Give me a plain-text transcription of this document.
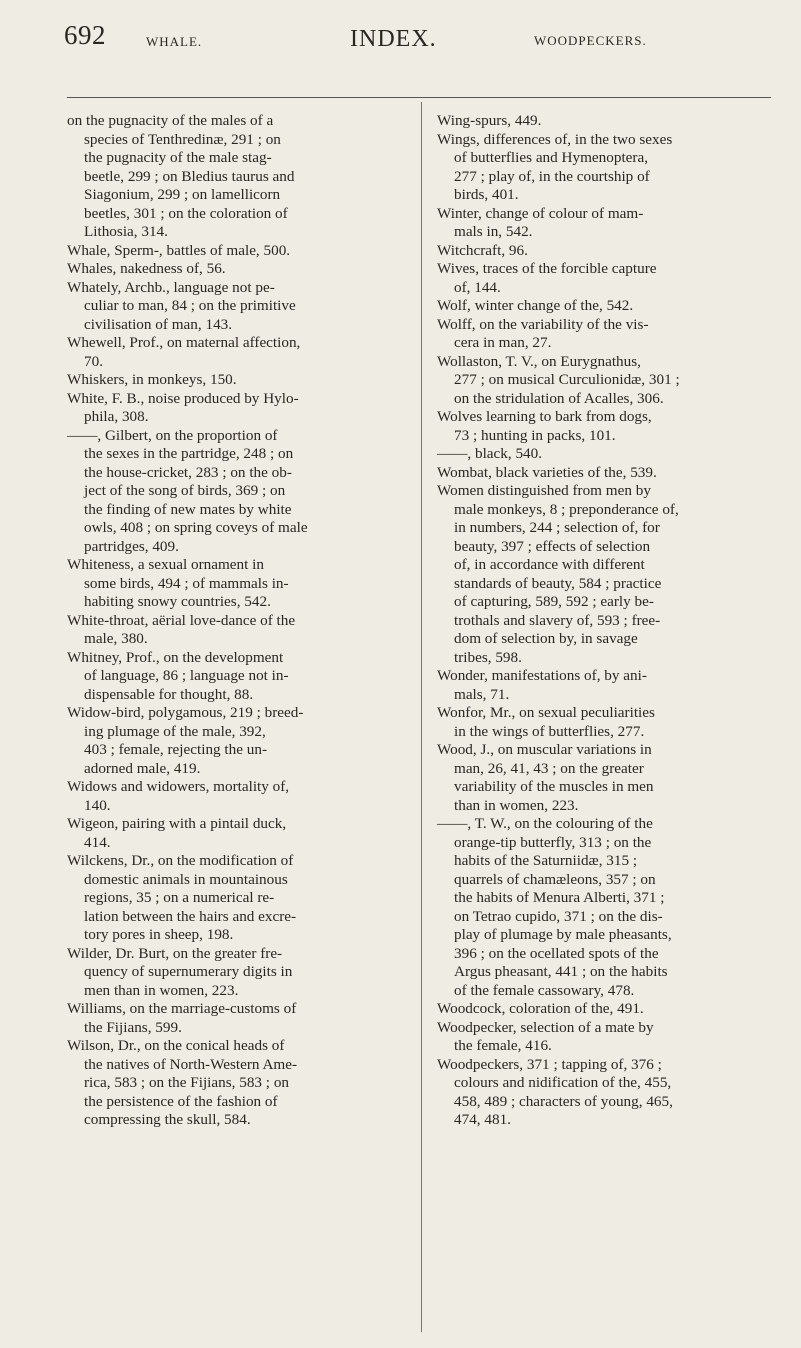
692	WHALE.	INDEX.	WOODPECKERS.

on the pugnacity of the males of a
species of Tenthredinæ, 291 ; on
the pugnacity of the male stag-
beetle, 299 ; on Bledius taurus and
Siagonium, 299 ; on lamellicorn
beetles, 301 ; on the coloration of
Lithosia, 314.

Whale, Sperm-, battles of male, 500.

Whales, nakedness of, 56.

Whately, Archb., language not pe-
culiar to man, 84 ; on the primitive
civilisation of man, 143.

Whewell, Prof., on maternal affection,
70.

Whiskers, in monkeys, 150.

White, F. B., noise produced by Hylo-
phila, 308.

——, Gilbert, on the proportion of
the sexes in the partridge, 248 ; on
the house-cricket, 283 ; on the ob-
ject of the song of birds, 369 ; on
the finding of new mates by white
owls, 408 ; on spring coveys of male
partridges, 409.

Whiteness, a sexual ornament in
some birds, 494 ; of mammals in-
habiting snowy countries, 542.

White-throat, aërial love-dance of the
male, 380.

Whitney, Prof., on the development
of language, 86 ; language not in-
dispensable for thought, 88.

Widow-bird, polygamous, 219 ; breed-
ing plumage of the male, 392,
403 ; female, rejecting the un-
adorned male, 419.

Widows and widowers, mortality of,
140.

Wigeon, pairing with a pintail duck,
414.

Wilckens, Dr., on the modification of
domestic animals in mountainous
regions, 35 ; on a numerical re-
lation between the hairs and excre-
tory pores in sheep, 198.

Wilder, Dr. Burt, on the greater fre-
quency of supernumerary digits in
men than in women, 223.

Williams, on the marriage-customs of
the Fijians, 599.

Wilson, Dr., on the conical heads of
the natives of North-Western Ame-
rica, 583 ; on the Fijians, 583 ; on
the persistence of the fashion of
compressing the skull, 584.

Wing-spurs, 449.

Wings, differences of, in the two sexes
of butterflies and Hymenoptera,
277 ; play of, in the courtship of
birds, 401.

Winter, change of colour of mam-
mals in, 542.

Witchcraft, 96.

Wives, traces of the forcible capture
of, 144.

Wolf, winter change of the, 542.

Wolff, on the variability of the vis-
cera in man, 27.

Wollaston, T. V., on Eurygnathus,
277 ; on musical Curculionidæ, 301 ;
on the stridulation of Acalles, 306.

Wolves learning to bark from dogs,
73 ; hunting in packs, 101.

——, black, 540.

Wombat, black varieties of the, 539.

Women distinguished from men by
male monkeys, 8 ; preponderance of,
in numbers, 244 ; selection of, for
beauty, 397 ; effects of selection
of, in accordance with different
standards of beauty, 584 ; practice
of capturing, 589, 592 ; early be-
trothals and slavery of, 593 ; free-
dom of selection by, in savage
tribes, 598.

Wonder, manifestations of, by ani-
mals, 71.

Wonfor, Mr., on sexual peculiarities
in the wings of butterflies, 277.

Wood, J., on muscular variations in
man, 26, 41, 43 ; on the greater
variability of the muscles in men
than in women, 223.

——, T. W., on the colouring of the
orange-tip butterfly, 313 ; on the
habits of the Saturniidæ, 315 ;
quarrels of chamæleons, 357 ; on
the habits of Menura Alberti, 371 ;
on Tetrao cupido, 371 ; on the dis-
play of plumage by male pheasants,
396 ; on the ocellated spots of the
Argus pheasant, 441 ; on the habits
of the female cassowary, 478.

Woodcock, coloration of the, 491.

Woodpecker, selection of a mate by
the female, 416.

Woodpeckers, 371 ; tapping of, 376 ;
colours and nidification of the, 455,
458, 489 ; characters of young, 465,
474, 481.
